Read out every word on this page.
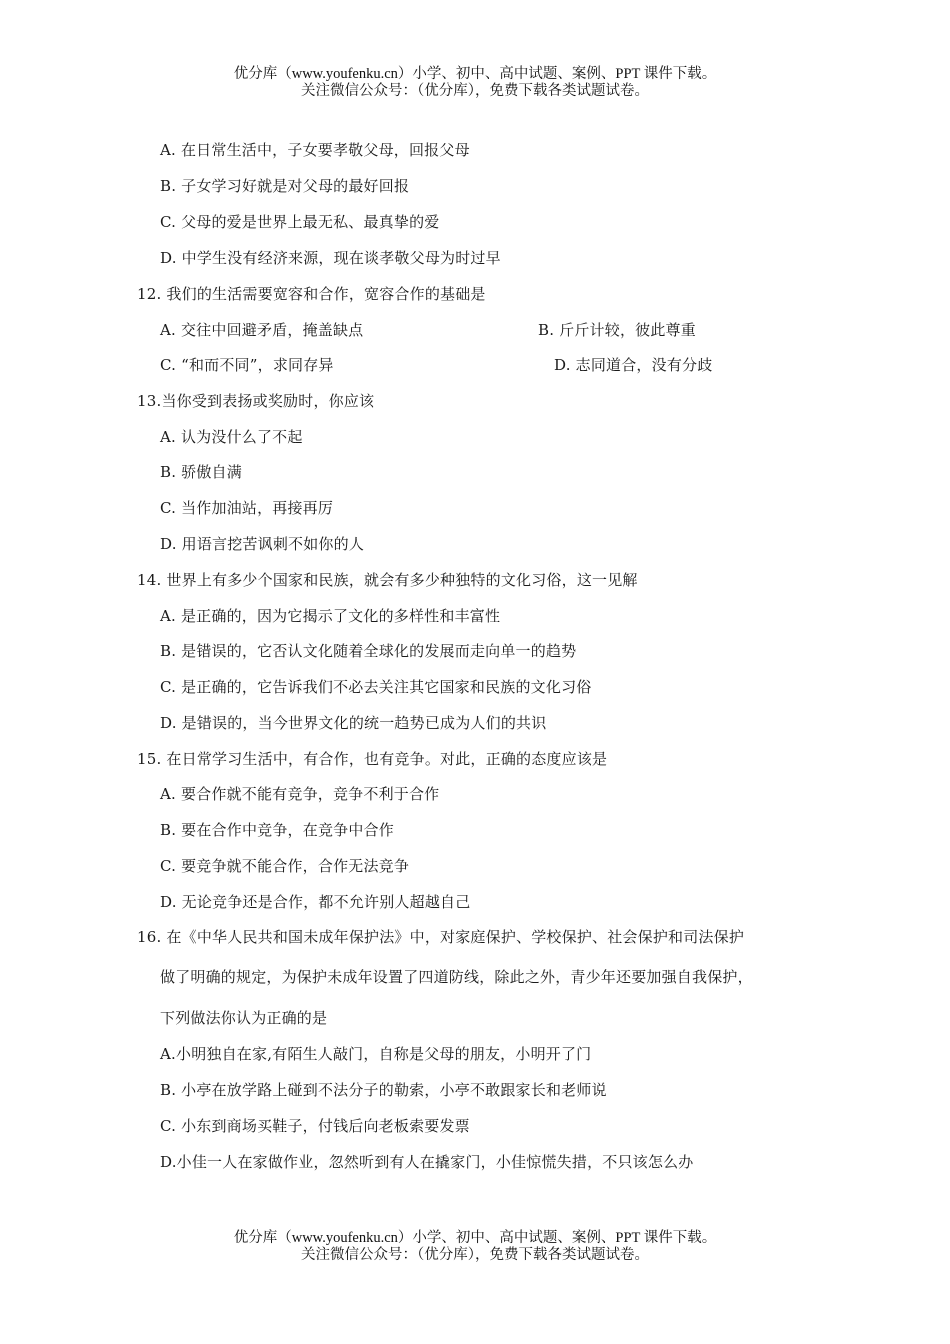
优分库（www.youfenku.cn）小学、初中、高中试题、案例、PPT 课件下载。
关注微信公众号：（优分库），免费下载各类试题试卷。
A. 在日常生活中，子女要孝敬父母，回报父母
B. 子女学习好就是对父母的最好回报
C. 父母的爱是世界上最无私、最真挚的爱
D. 中学生没有经济来源，现在谈孝敬父母为时过早
12. 我们的生活需要宽容和合作，宽容合作的基础是
A. 交往中回避矛盾，掩盖缺点	B. 斤斤计较，彼此尊重
C. “和而不同”，求同存异	D. 志同道合，没有分歧
13.当你受到表扬或奖励时，你应该
A. 认为没什么了不起
B. 骄傲自满
C. 当作加油站，再接再厉
D. 用语言挖苦讽刺不如你的人
14. 世界上有多少个国家和民族，就会有多少种独特的文化习俗，这一见解
A. 是正确的，因为它揭示了文化的多样性和丰富性
B. 是错误的，它否认文化随着全球化的发展而走向单一的趋势
C. 是正确的，它告诉我们不必去关注其它国家和民族的文化习俗
D. 是错误的，当今世界文化的统一趋势已成为人们的共识
15. 在日常学习生活中，有合作，也有竞争。对此，正确的态度应该是
A. 要合作就不能有竞争，竞争不利于合作
B. 要在合作中竞争，在竞争中合作
C. 要竞争就不能合作，合作无法竞争
D. 无论竞争还是合作，都不允许别人超越自己
16. 在《中华人民共和国未成年保护法》中，对家庭保护、学校保护、社会保护和司法保护
做了明确的规定，为保护未成年设置了四道防线，除此之外，青少年还要加强自我保护，
下列做法你认为正确的是
A.小明独自在家,有陌生人敲门，自称是父母的朋友，小明开了门
B. 小亭在放学路上碰到不法分子的勒索，小亭不敢跟家长和老师说
C. 小东到商场买鞋子，付钱后向老板索要发票
D.小佳一人在家做作业，忽然听到有人在撬家门，小佳惊慌失措，不只该怎么办
优分库（www.youfenku.cn）小学、初中、高中试题、案例、PPT 课件下载。
关注微信公众号：（优分库），免费下载各类试题试卷。
